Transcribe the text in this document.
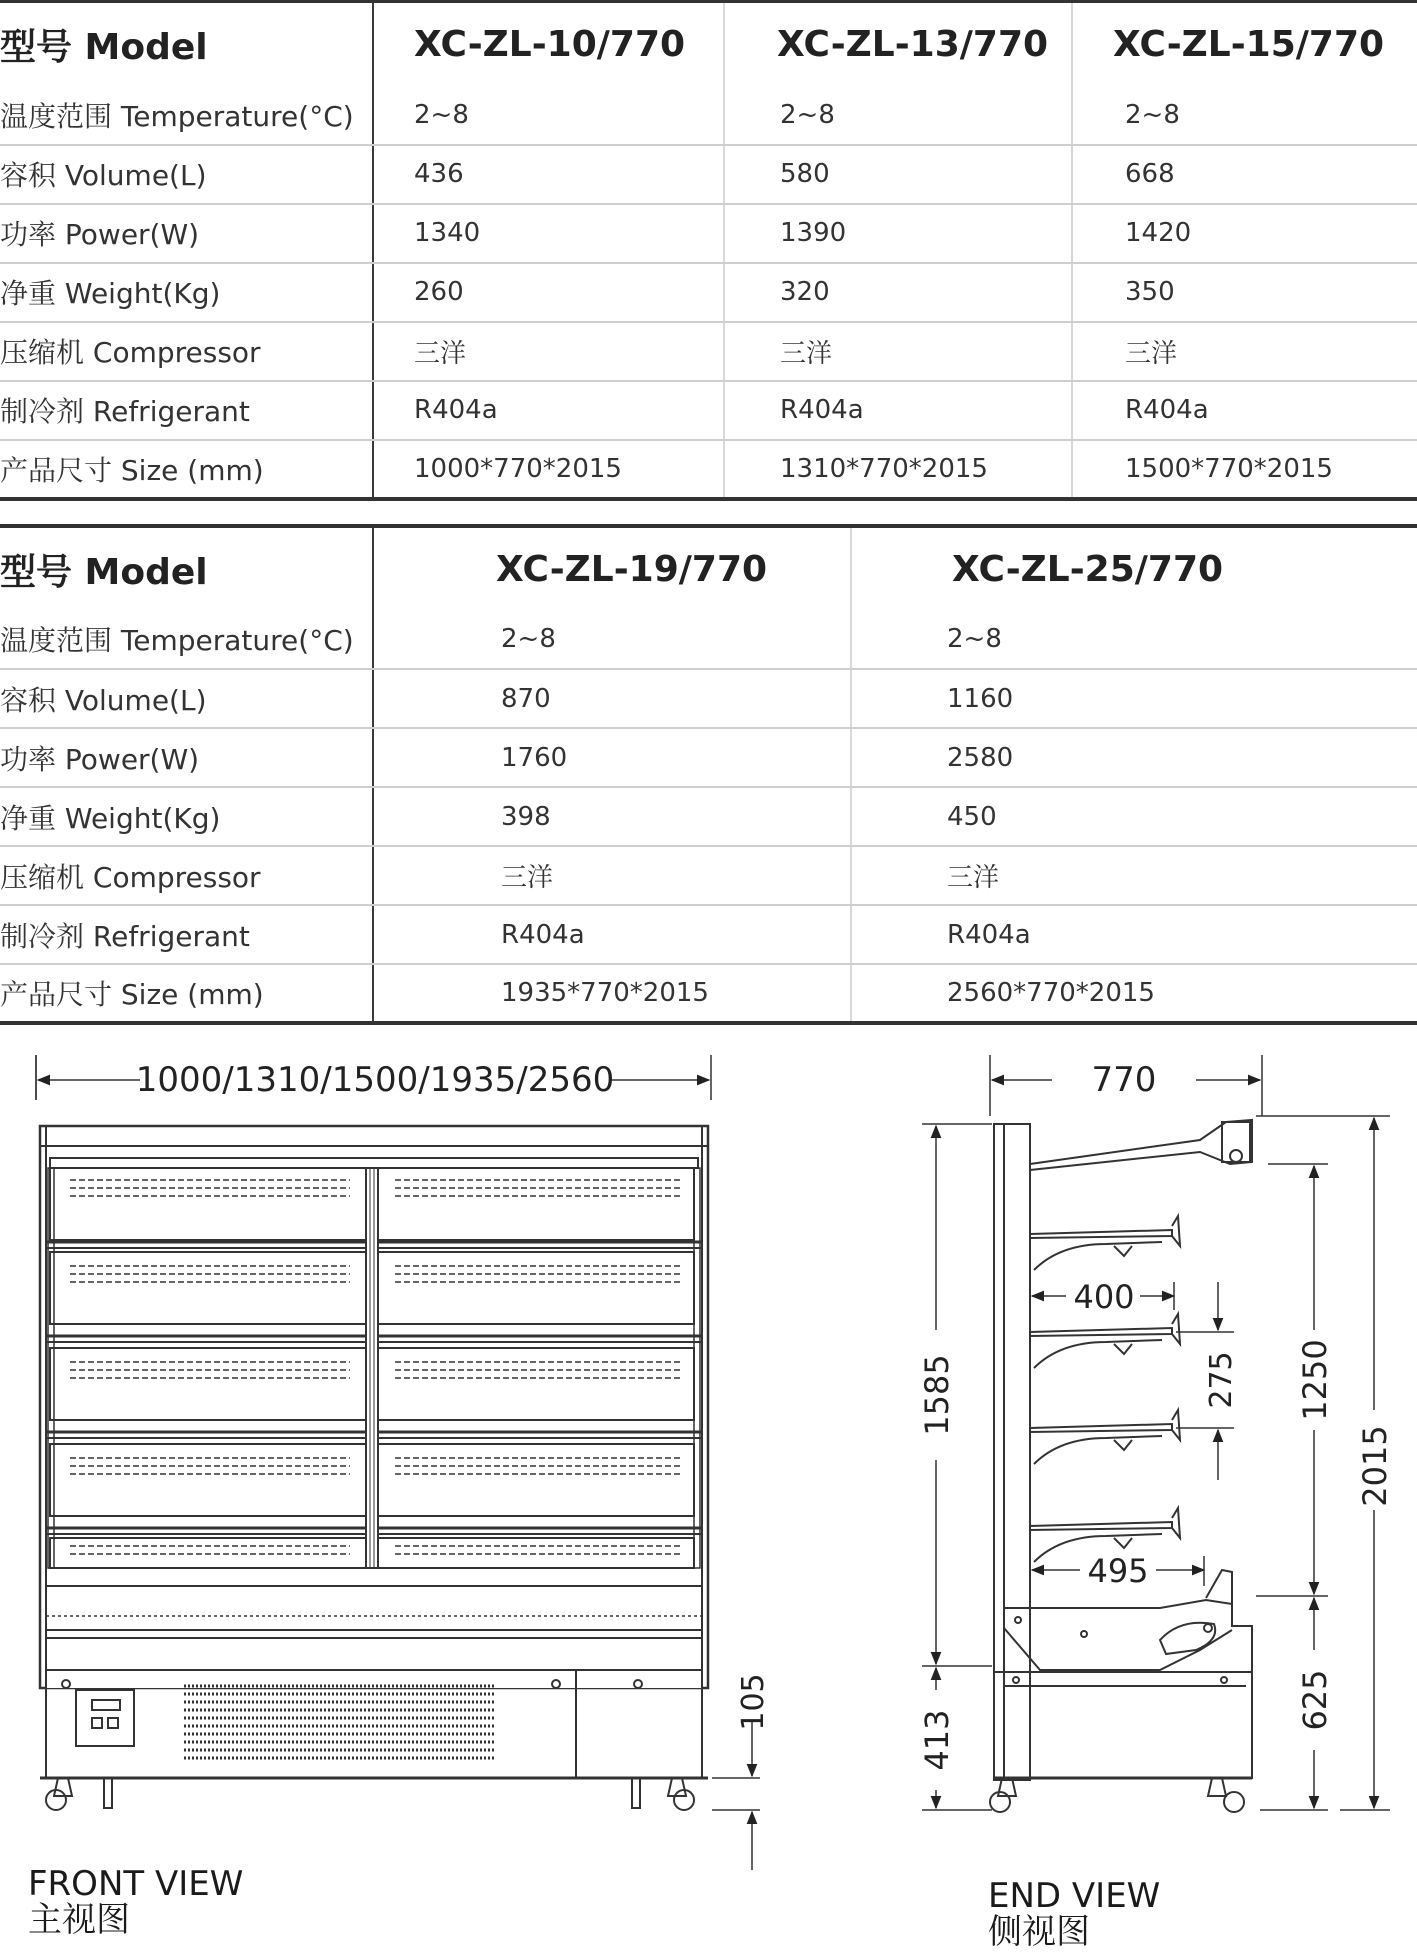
型号 Model	XC-ZL-10/770	XC-ZL-13/770	XC-ZL-15/770
温度范围 Temperature(°C)	2~8	2~8	2~8
容积 Volume(L)	436	580	668
功率 Power(W)	1340	1390	1420
净重 Weight(Kg)	260	320	350
压缩机 Compressor	三洋	三洋	三洋
制冷剂 Refrigerant	R404a	R404a	R404a
产品尺寸 Size (mm)	1000*770*2015	1310*770*2015	1500*770*2015
型号 Model	XC-ZL-19/770	XC-ZL-25/770
温度范围 Temperature(°C)	2~8	2~8
容积 Volume(L)	870	1160
功率 Power(W)	1760	2580
净重 Weight(Kg)	398	450
压缩机 Compressor	三洋	三洋
制冷剂 Refrigerant	R404a	R404a
产品尺寸 Size (mm)	1935*770*2015	2560*770*2015
1000/1310/1500/1935/2560
105
770
400
275
495
1585
413
1250
625
2015
FRONT VIEW
主视图
END VIEW
侧视图
